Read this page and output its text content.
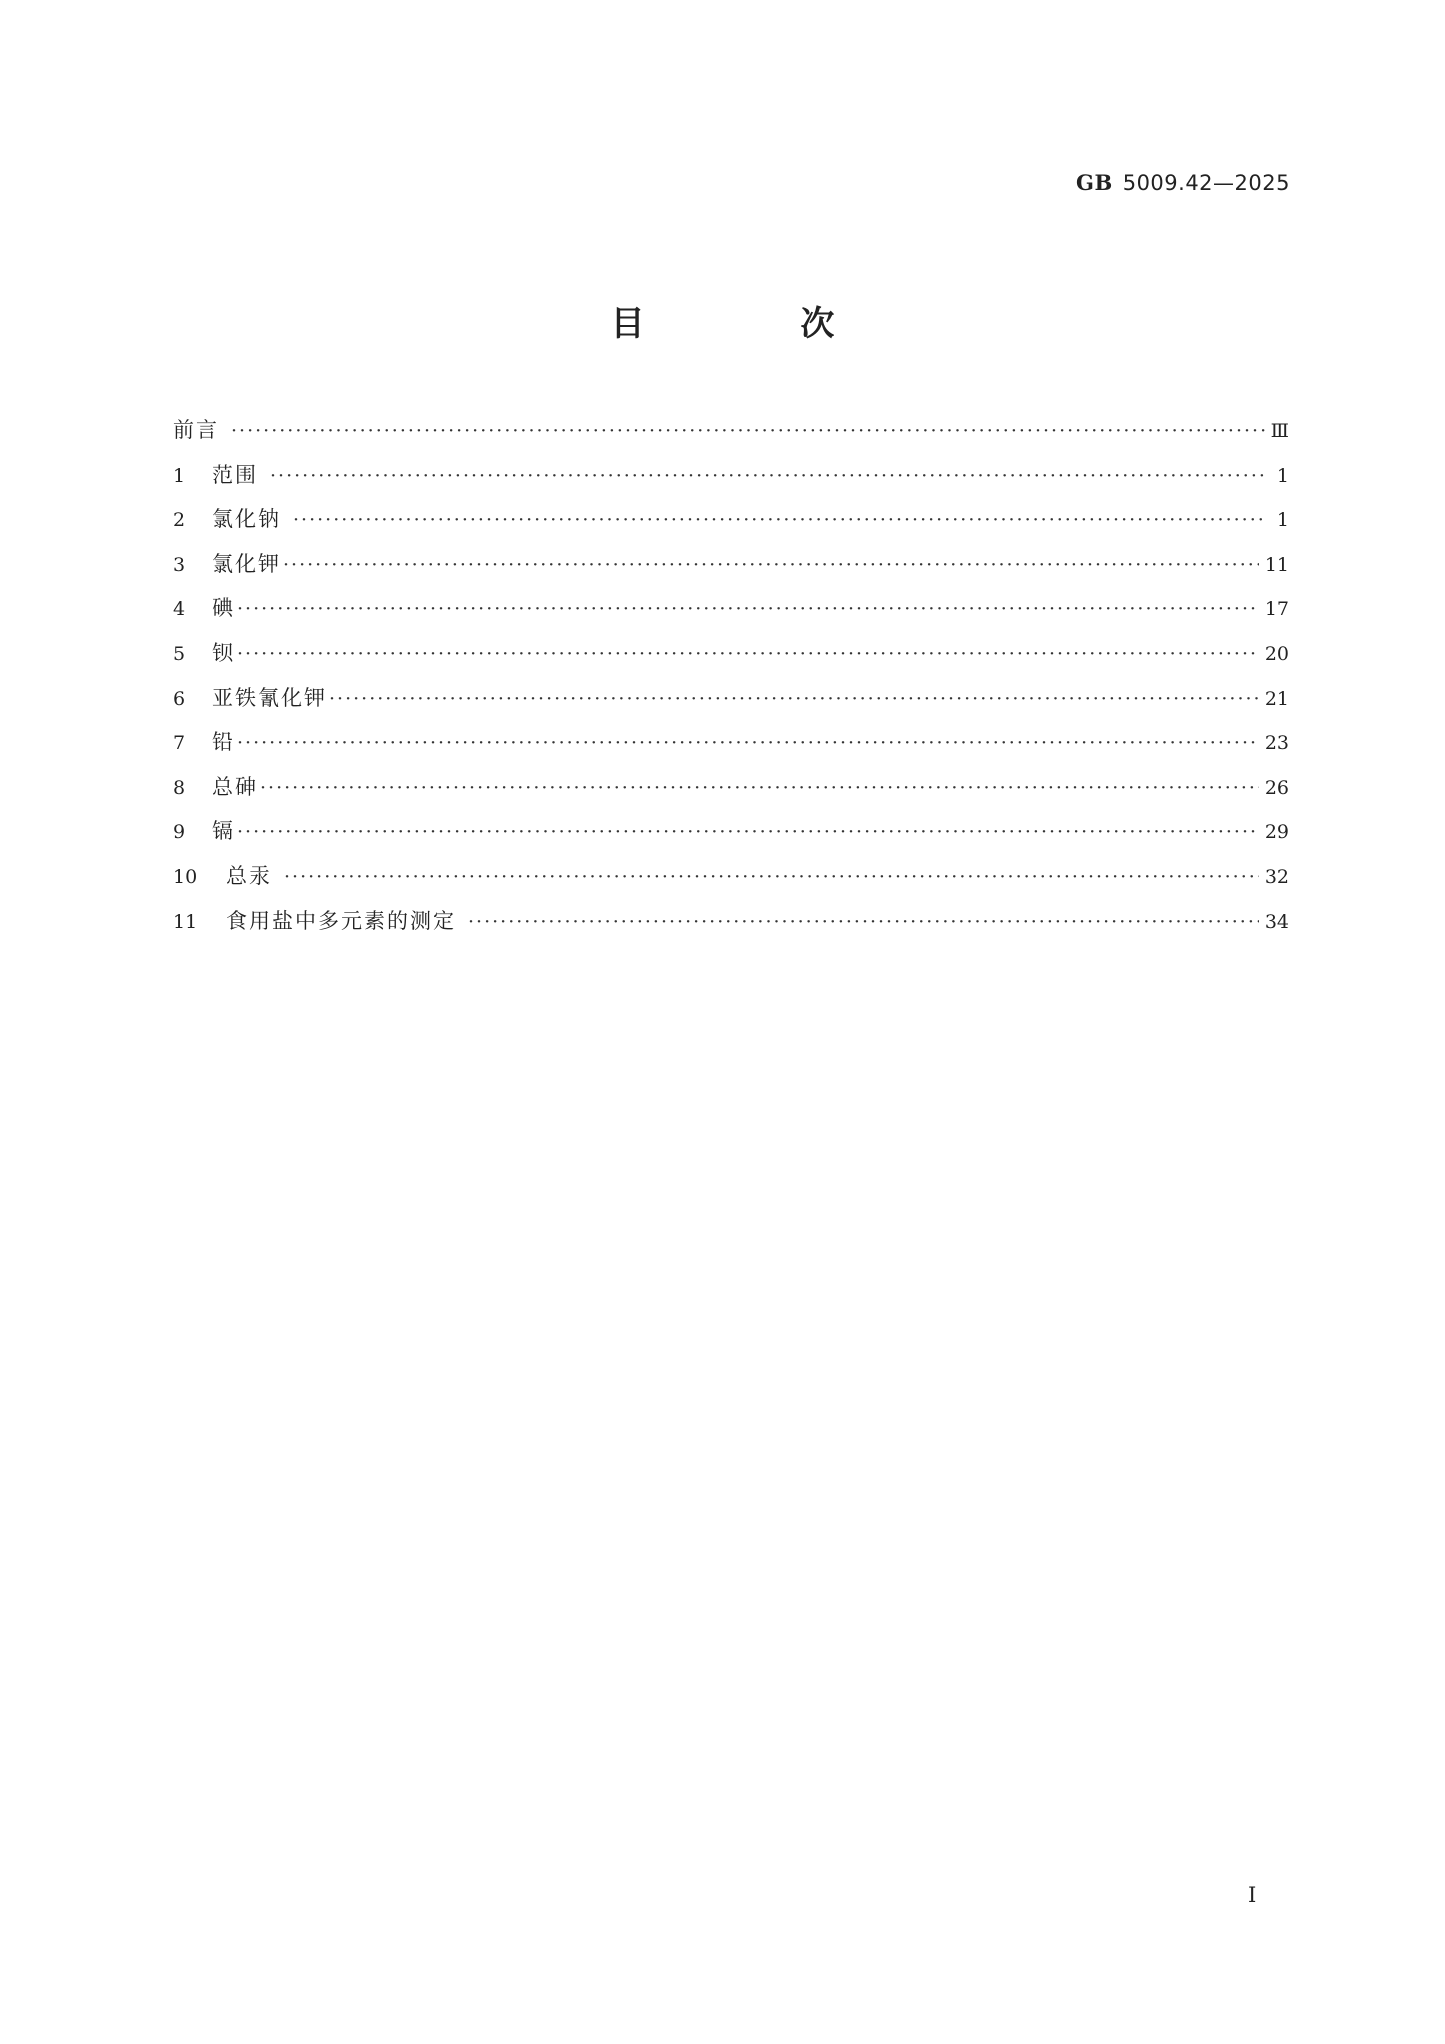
GB 5009.42—2025
目 次
前言 ·····	Ⅲ
1	范围 ·····	1
2	氯化钠 ·····	1
3	氯化钾 ·····	11
4	碘 ·····	17
5	钡 ·····	20
6	亚铁氰化钾 ·····	21
7	铅 ·····	23
8	总砷 ·····	26
9	镉 ·····	29
10	总汞 ·····	32
11	食用盐中多元素的测定 ·····	34
I
